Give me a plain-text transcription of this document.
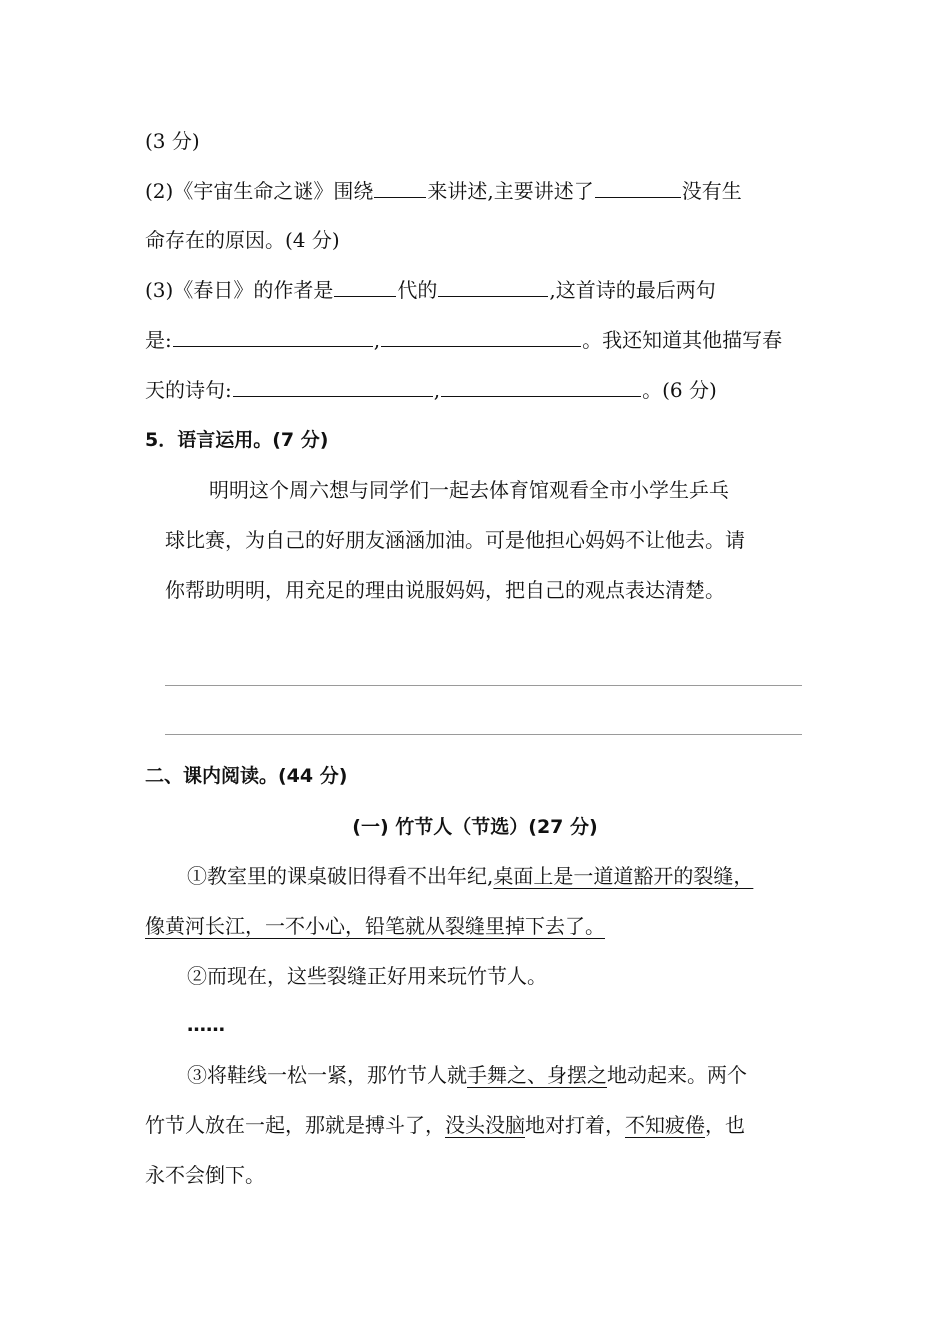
(3 分)
(2)《宇宙生命之谜》围绕	来讲述,主要讲述了	没有生
命存在的原因。(4 分)
(3)《春日》的作者是	代的	,这首诗的最后两句
是:	,	。我还知道其他描写春
天的诗句:	,	。(6 分)
5．语言运用。(7 分)
明明这个周六想与同学们一起去体育馆观看全市小学生乒乓
球比赛，为自己的好朋友涵涵加油。可是他担心妈妈不让他去。请
你帮助明明，用充足的理由说服妈妈，把自己的观点表达清楚。
二、课内阅读。(44 分)
(一) 竹节人（节选）(27 分)
①教室里的课桌破旧得看不出年纪,桌面上是一道道豁开的裂缝，
像黄河长江，一不小心，铅笔就从裂缝里掉下去了。
②而现在，这些裂缝正好用来玩竹节人。
……
③将鞋线一松一紧，那竹节人就手舞之、身摆之地动起来。两个
竹节人放在一起，那就是搏斗了，没头没脑地对打着，不知疲倦，也
永不会倒下。
